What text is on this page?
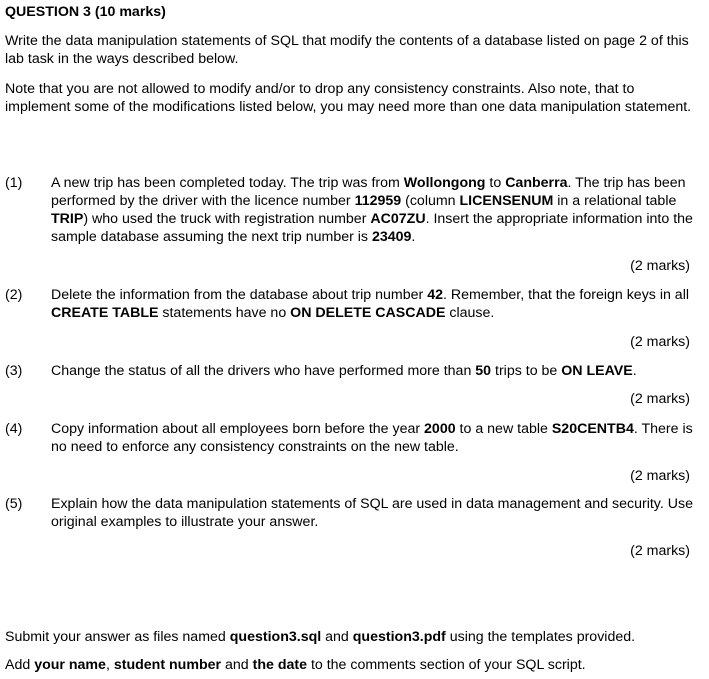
QUESTION 3 (10 marks)
Write the data manipulation statements of SQL that modify the contents of a database listed on page 2 of this lab task in the ways described below.
Note that you are not allowed to modify and/or to drop any consistency constraints. Also note, that to implement some of the modifications listed below, you may need more than one data manipulation statement.
(1) A new trip has been completed today. The trip was from Wollongong to Canberra. The trip has been performed by the driver with the licence number 112959 (column LICENSENUM in a relational table TRIP) who used the truck with registration number AC07ZU. Insert the appropriate information into the sample database assuming the next trip number is 23409.
(2 marks)
(2) Delete the information from the database about trip number 42. Remember, that the foreign keys in all CREATE TABLE statements have no ON DELETE CASCADE clause.
(2 marks)
(3) Change the status of all the drivers who have performed more than 50 trips to be ON LEAVE.
(2 marks)
(4) Copy information about all employees born before the year 2000 to a new table S20CENTB4. There is no need to enforce any consistency constraints on the new table.
(2 marks)
(5) Explain how the data manipulation statements of SQL are used in data management and security. Use original examples to illustrate your answer.
(2 marks)
Submit your answer as files named question3.sql and question3.pdf using the templates provided.
Add your name, student number and the date to the comments section of your SQL script.
